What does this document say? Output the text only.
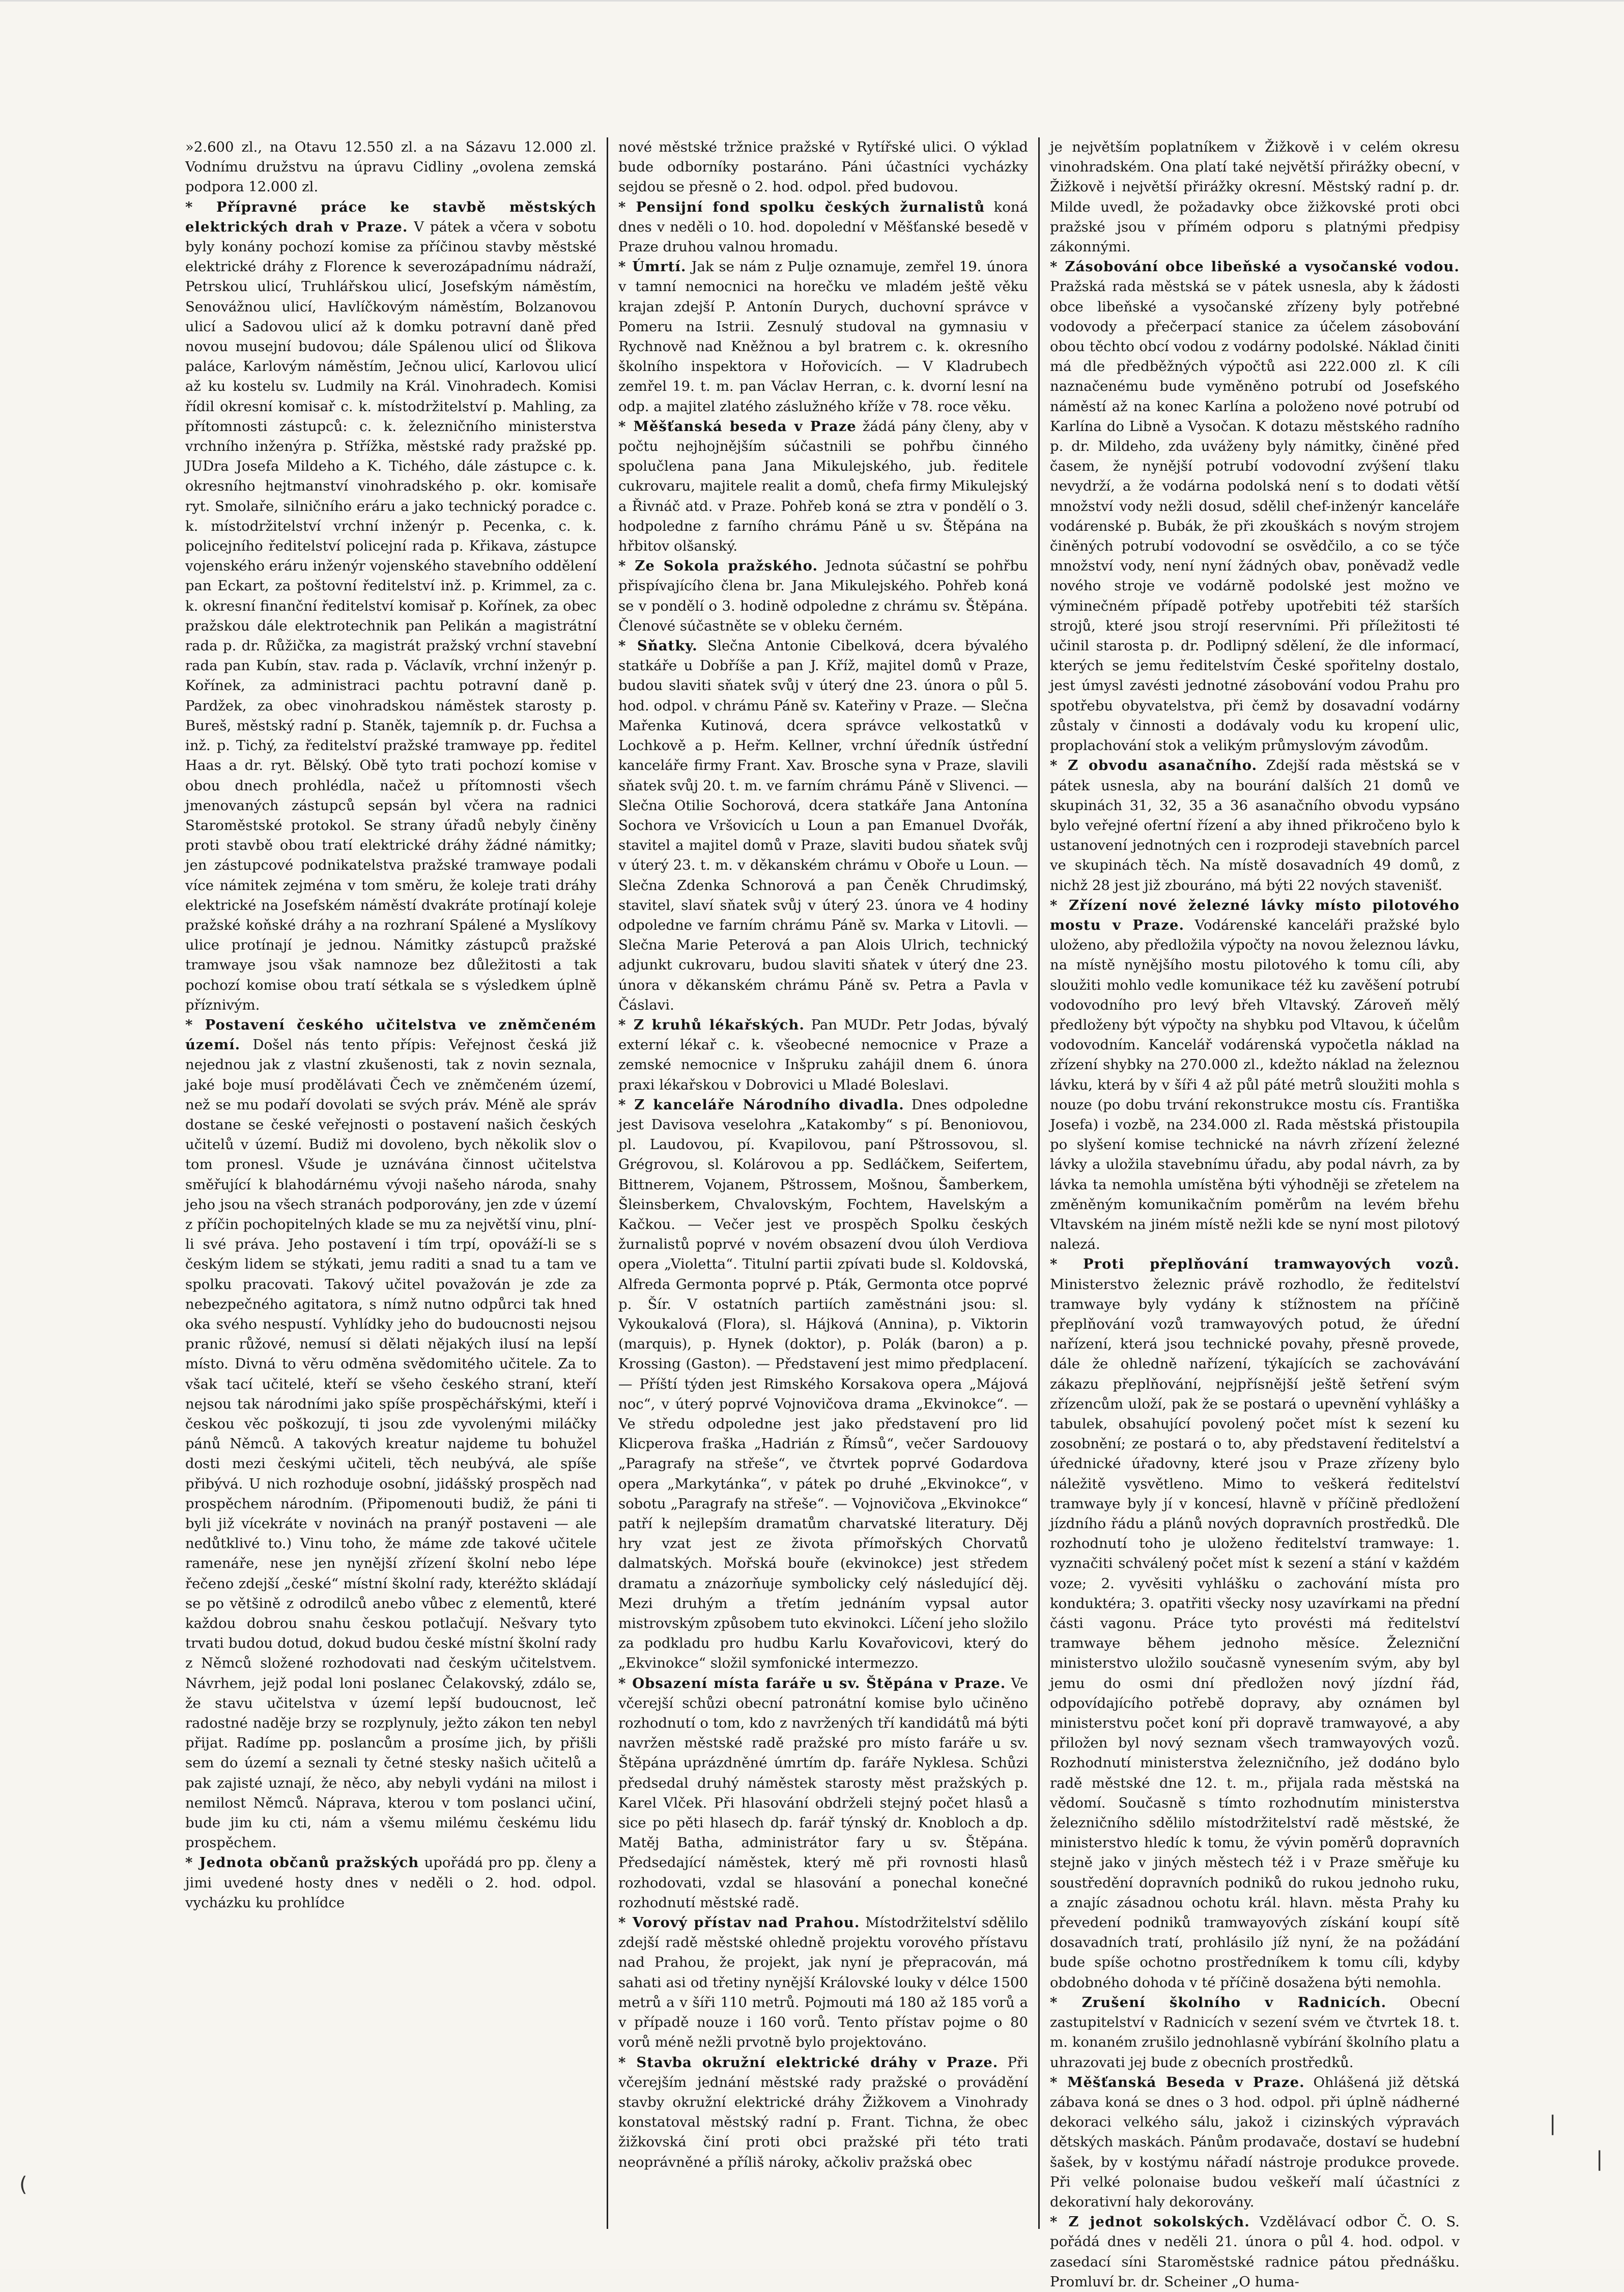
»2.600 zl., na Otavu 12.550 zl. a na Sázavu 12.000 zl. Vodnímu družstvu na úpravu Cidliny „ovolena zemská podpora 12.000 zl.

* Přípravné práce ke stavbě městských elektrických drah v Praze. V pátek a včera v sobotu byly konány pochozí komise za příčinou stavby městské elektrické dráhy z Florence k severozápadnímu nádraží, Petrskou ulicí, Truhlářskou ulicí, Josefským náměstím, Senovážnou ulicí, Havlíčkovým náměstím, Bolzanovou ulicí a Sadovou ulicí až k domku potravní daně před novou musejní budovou; dále Spálenou ulicí od Šlikova paláce, Karlovým náměstím, Ječnou ulicí, Karlovou ulicí až ku kostelu sv. Ludmily na Král. Vinohradech. Komisi řídil okresní komisař c. k. místodržitelství p. Mahling, za přítomnosti zástupců: c. k. železničního ministerstva vrchního inženýra p. Střížka, městské rady pražské pp. JUDra Josefa Mildeho a K. Tichého, dále zástupce c. k. okresního hejtmanství vinohradského p. okr. komisaře ryt. Smolaře, silničního eráru a jako technický poradce c. k. místodržitelství vrchní inženýr p. Pecenka, c. k. policejního ředitelství policejní rada p. Křikava, zástupce vojenského eráru inženýr vojenského stavebního oddělení pan Eckart, za poštovní ředitelství inž. p. Krimmel, za c. k. okresní finanční ředitelství komisař p. Kořínek, za obec pražskou dále elektrotechnik pan Pelikán a magistrátní rada p. dr. Růžička, za magistrát pražský vrchní stavební rada pan Kubín, stav. rada p. Václavík, vrchní inženýr p. Kořínek, za administraci pachtu potravní daně p. Pardžek, za obec vinohradskou náměstek starosty p. Bureš, městský radní p. Staněk, tajemník p. dr. Fuchsa a inž. p. Tichý, za ředitelství pražské tramwaye pp. ředitel Haas a dr. ryt. Bělský. Obě tyto trati pochozí komise v obou dnech prohlédla, načež u přítomnosti všech jmenovaných zástupců sepsán byl včera na radnici Staroměstské protokol. Se strany úřadů nebyly činěny proti stavbě obou tratí elektrické dráhy žádné námitky; jen zástupcové podnikatelstva pražské tramwaye podali více námitek zejména v tom směru, že koleje trati dráhy elektrické na Josefském náměstí dvakráte protínají koleje pražské koňské dráhy a na rozhraní Spálené a Myslíkovy ulice protínají je jednou. Námitky zástupců pražské tramwaye jsou však namnoze bez důležitosti a tak pochozí komise obou tratí sétkala se s výsledkem úplně příznivým.

* Postavení českého učitelstva ve zněmčeném území. Došel nás tento přípis: Veřejnost česká již nejednou jak z vlastní zkušenosti, tak z novin seznala, jaké boje musí prodělávati Čech ve zněmčeném území, než se mu podaří dovolati se svých práv. Méně ale správ dostane se české veřejnosti o postavení našich českých učitelů v území. Budiž mi dovoleno, bych několik slov o tom pronesl. Všude je uznávána činnost učitelstva směřující k blahodárnému vývoji našeho národa, snahy jeho jsou na všech stranách podporovány, jen zde v území z příčin pochopitelných klade se mu za největší vinu, plní-li své práva. Jeho postavení i tím trpí, opováží-li se s českým lidem se stýkati, jemu raditi a snad tu a tam ve spolku pracovati. Takový učitel považován je zde za nebezpečného agitatora, s nímž nutno odpůrci tak hned oka svého nespustí. Vyhlídky jeho do budoucnosti nejsou pranic růžové, nemusí si dělati nějakých ilusí na lepší místo. Divná to věru odměna svědomitého učitele. Za to však tací učitelé, kteří se všeho českého straní, kteří nejsou tak národními jako spíše prospěchářskými, kteří i českou věc poškozují, ti jsou zde vyvolenými miláčky pánů Němců. A takových kreatur najdeme tu bohužel dosti mezi českými učiteli, těch neubývá, ale spíše přibývá. U nich rozhoduje osobní, jidášský prospěch nad prospěchem národním. (Připomenouti budiž, že páni ti byli již vícekráte v novinách na pranýř postaveni — ale nedůtklivé to.) Vinu toho, že máme zde takové učitele ramenáře, nese jen nynější zřízení školní nebo lépe řečeno zdejší „české“ místní školní rady, kteréžto skládají se po většině z odrodilců anebo vůbec z elementů, které každou dobrou snahu českou potlačují. Nešvary tyto trvati budou dotud, dokud budou české místní školní rady z Němců složené rozhodovati nad českým učitelstvem. Návrhem, jejž podal loni poslanec Čelakovský, zdálo se, že stavu učitelstva v území lepší budoucnost, leč radostné naděje brzy se rozplynuly, ježto zákon ten nebyl přijat. Radíme pp. poslancům a prosíme jich, by přišli sem do území a seznali ty četné stesky našich učitelů a pak zajisté uznají, že něco, aby nebyli vydáni na milost i nemilost Němců. Náprava, kterou v tom poslanci učiní, bude jim ku cti, nám a všemu milému českému lidu prospěchem.

* Jednota občanů pražských upořádá pro pp. členy a jimi uvedené hosty dnes v neděli o 2. hod. odpol. vycházku ku prohlídce

nové městské tržnice pražské v Rytířské ulici. O výklad bude odborníky postaráno. Páni účastníci vycházky sejdou se přesně o 2. hod. odpol. před budovou.

* Pensijní fond spolku českých žurnalistů koná dnes v neděli o 10. hod. dopolední v Měšťanské besedě v Praze druhou valnou hromadu.

* Úmrtí. Jak se nám z Pulje oznamuje, zemřel 19. února v tamní nemocnici na horečku ve mladém ještě věku krajan zdejší P. Antonín Durych, duchovní správce v Pomeru na Istrii. Zesnulý studoval na gymnasiu v Rychnově nad Kněžnou a byl bratrem c. k. okresního školního inspektora v Hořovicích. — V Kladrubech zemřel 19. t. m. pan Václav Herran, c. k. dvorní lesní na odp. a majitel zlatého záslužného kříže v 78. roce věku.

* Měšťanská beseda v Praze žádá pány členy, aby v počtu nejhojnějším súčastnili se pohřbu činného spolučlena pana Jana Mikulejského, jub. ředitele cukrovaru, majitele realit a domů, chefa firmy Mikulejský a Řivnáč atd. v Praze. Pohřeb koná se ztra v pondělí o 3. hodpoledne z farního chrámu Páně u sv. Štěpána na hřbitov olšanský.

* Ze Sokola pražského. Jednota súčastní se pohřbu přispívajícího člena br. Jana Mikulejského. Pohřeb koná se v pondělí o 3. hodině odpoledne z chrámu sv. Štěpána. Členové súčastněte se v obleku černém.

* Sňatky. Slečna Antonie Cibelková, dcera bývalého statkáře u Dobříše a pan J. Kříž, majitel domů v Praze, budou slaviti sňatek svůj v úterý dne 23. února o půl 5. hod. odpol. v chrámu Páně sv. Kateřiny v Praze. — Slečna Mařenka Kutinová, dcera správce velkostatků v Lochkově a p. Heřm. Kellner, vrchní úředník ústřední kanceláře firmy Frant. Xav. Brosche syna v Praze, slavili sňatek svůj 20. t. m. ve farním chrámu Páně v Slivenci. — Slečna Otilie Sochorová, dcera statkáře Jana Antonína Sochora ve Vršovicích u Loun a pan Emanuel Dvořák, stavitel a majitel domů v Praze, slaviti budou sňatek svůj v úterý 23. t. m. v děkanském chrámu v Oboře u Loun. — Slečna Zdenka Schnorová a pan Čeněk Chrudimský, stavitel, slaví sňatek svůj v úterý 23. února ve 4 hodiny odpoledne ve farním chrámu Páně sv. Marka v Litovli. — Slečna Marie Peterová a pan Alois Ulrich, technický adjunkt cukrovaru, budou slaviti sňatek v úterý dne 23. února v děkanském chrámu Páně sv. Petra a Pavla v Čáslavi.

* Z kruhů lékařských. Pan MUDr. Petr Jodas, bývalý externí lékař c. k. všeobecné nemocnice v Praze a zemské nemocnice v Inšpruku zahájil dnem 6. února praxi lékařskou v Dobrovici u Mladé Boleslavi.

* Z kanceláře Národního divadla. Dnes odpoledne jest Davisova veselohra „Katakomby“ s pí. Benoniovou, pl. Laudovou, pí. Kvapilovou, paní Pštrossovou, sl. Grégrovou, sl. Kolárovou a pp. Sedláčkem, Seifertem, Bittnerem, Vojanem, Pštrossem, Mošnou, Šamberkem, Šleinsberkem, Chvalovským, Fochtem, Havelským a Kačkou. — Večer jest ve prospěch Spolku českých žurnalistů poprvé v novém obsazení dvou úloh Verdiova opera „Violetta“. Titulní partii zpívati bude sl. Koldovská, Alfreda Germonta poprvé p. Pták, Germonta otce poprvé p. Šír. V ostatních partiích zaměstnáni jsou: sl. Vykoukalová (Flora), sl. Hájková (Annina), p. Viktorin (marquis), p. Hynek (doktor), p. Polák (baron) a p. Krossing (Gaston). — Představení jest mimo předplacení. — Příští týden jest Rimského Korsakova opera „Májová noc“, v úterý poprvé Vojnovičova drama „Ekvinokce“. — Ve středu odpoledne jest jako představení pro lid Klicperova fraška „Hadrián z Římsů“, večer Sardouovy „Paragrafy na střeše“, ve čtvrtek poprvé Godardova opera „Markytánka“, v pátek po druhé „Ekvinokce“, v sobotu „Paragrafy na střeše“. — Vojnovičova „Ekvinokce“ patří k nejlepším dramatům charvatské literatury. Děj hry vzat jest ze života přímořských Chorvatů dalmatských. Mořská bouře (ekvinokce) jest středem dramatu a znázorňuje symbolicky celý následující děj. Mezi druhým a třetím jednáním vypsal autor mistrovským způsobem tuto ekvinokci. Líčení jeho složilo za podkladu pro hudbu Karlu Kovařovicovi, který do „Ekvinokce“ složil symfonické intermezzo.

* Obsazení místa faráře u sv. Štěpána v Praze. Ve včerejší schůzi obecní patronátní komise bylo učiněno rozhodnutí o tom, kdo z navržených tří kandidátů má býti navržen městské radě pražské pro místo faráře u sv. Štěpána uprázdněné úmrtím dp. faráře Nyklesa. Schůzi předsedal druhý náměstek starosty měst pražských p. Karel Vlček. Při hlasování obdrželi stejný počet hlasů a sice po pěti hlasech dp. farář týnský dr. Knobloch a dp. Matěj Batha, administrátor fary u sv. Štěpána. Předsedající náměstek, který mě při rovnosti hlasů rozhodovati, vzdal se hlasování a ponechal konečné rozhodnutí městské radě.

* Vorový přístav nad Prahou. Místodržitelství sdělilo zdejší radě městské ohledně projektu vorového přístavu nad Prahou, že projekt, jak nyní je přepracován, má sahati asi od třetiny nynější Královské louky v délce 1500 metrů a v šíři 110 metrů. Pojmouti má 180 až 185 vorů a v případě nouze i 160 vorů. Tento přístav pojme o 80 vorů méně nežli prvotně bylo projektováno.

* Stavba okružní elektrické dráhy v Praze. Při včerejším jednání městské rady pražské o provádění stavby okružní elektrické dráhy Žižkovem a Vinohrady konstatoval městský radní p. Frant. Tichna, že obec žižkovská činí proti obci pražské při této trati neoprávněné a příliš nároky, ačkoliv pražská obec

je největším poplatníkem v Žižkově i v celém okresu vinohradském. Ona platí také největší přirážky obecní, v Žižkově i největší přirážky okresní. Městský radní p. dr. Milde uvedl, že požadavky obce žižkovské proti obci pražské jsou v přímém odporu s platnými předpisy zákonnými.

* Zásobování obce libeňské a vysočanské vodou. Pražská rada městská se v pátek usnesla, aby k žádosti obce libeňské a vysočanské zřízeny byly potřebné vodovody a přečerpací stanice za účelem zásobování obou těchto obcí vodou z vodárny podolské. Náklad činiti má dle předběžných výpočtů asi 222.000 zl. K cíli naznačenému bude vyměněno potrubí od Josefského náměstí až na konec Karlína a položeno nové potrubí od Karlína do Libně a Vysočan. K dotazu městského radního p. dr. Mildeho, zda uváženy byly námitky, činěné před časem, že nynější potrubí vodovodní zvýšení tlaku nevydrží, a že vodárna podolská není s to dodati větší množství vody nežli dosud, sdělil chef-inženýr kanceláře vodárenské p. Bubák, že při zkouškách s novým strojem činěných potrubí vodovodní se osvědčilo, a co se týče množství vody, není nyní žádných obav, poněvadž vedle nového stroje ve vodárně podolské jest možno ve výminečném případě potřeby upotřebiti též starších strojů, které jsou strojí reservními. Při příležitosti té učinil starosta p. dr. Podlipný sdělení, že dle informací, kterých se jemu ředitelstvím České spořitelny dostalo, jest úmysl zavésti jednotné zásobování vodou Prahu pro spotřebu obyvatelstva, při čemž by dosavadní vodárny zůstaly v činnosti a dodávaly vodu ku kropení ulic, proplachování stok a velikým průmyslovým závodům.

* Z obvodu asanačního. Zdejší rada městská se v pátek usnesla, aby na bourání dalších 21 domů ve skupinách 31, 32, 35 a 36 asanačního obvodu vypsáno bylo veřejné ofertní řízení a aby ihned přikročeno bylo k ustanovení jednotných cen i rozprodeji stavebních parcel ve skupinách těch. Na místě dosavadních 49 domů, z nichž 28 jest již zbouráno, má býti 22 nových stavenišť.

* Zřízení nové železné lávky místo pilotového mostu v Praze. Vodárenské kanceláři pražské bylo uloženo, aby předložila výpočty na novou železnou lávku, na místě nynějšího mostu pilotového k tomu cíli, aby sloužiti mohlo vedle komunikace též ku zavěšení potrubí vodovodního pro levý břeh Vltavský. Zároveň mělý předloženy být výpočty na shybku pod Vltavou, k účelům vodovodním. Kancelář vodárenská vypočetla náklad na zřízení shybky na 270.000 zl., kdežto náklad na železnou lávku, která by v šíři 4 až půl páté metrů sloužiti mohla s nouze (po dobu trvání rekonstrukce mostu cís. Františka Josefa) i vozbě, na 234.000 zl. Rada městská přistoupila po slyšení komise technické na návrh zřízení železné lávky a uložila stavebnímu úřadu, aby podal návrh, za by lávka ta nemohla umístěna býti výhodněji se zřetelem na změněným komunikačním poměrům na levém břehu Vltavském na jiném místě nežli kde se nyní most pilotový nalezá.

* Proti přeplňování tramwayových vozů. Ministerstvo železnic právě rozhodlo, že ředitelství tramwaye byly vydány k stížnostem na příčině přeplňování vozů tramwayových potud, že úřední nařízení, která jsou technické povahy, přesně provede, dále že ohledně nařízení, týkajících se zachovávání zákazu přeplňování, nejpřísnější ještě šetření svým zřízencům uloží, pak že se postará o upevnění vyhlášky a tabulek, obsahující povolený počet míst k sezení ku zosobnění; ze postará o to, aby představení ředitelství a úřednické úřadovny, které jsou v Praze zřízeny bylo náležitě vysvětleno. Mimo to veškerá ředitelství tramwaye byly jí v koncesí, hlavně v příčině předložení jízdního řádu a plánů nových dopravních prostředků. Dle rozhodnutí toho je uloženo ředitelství tramwaye: 1. vyznačiti schválený počet míst k sezení a stání v každém voze; 2. vyvěsiti vyhlášku o zachování místa pro konduktéra; 3. opatřiti všecky nosy uzavírkami na přední části vagonu. Práce tyto provésti má ředitelství tramwaye během jednoho měsíce. Železniční ministerstvo uložilo současně vynesením svým, aby byl jemu do osmi dní předložen nový jízdní řád, odpovídajícího potřebě dopravy, aby oznámen byl ministerstvu počet koní při dopravě tramwayové, a aby přiložen byl nový seznam všech tramwayových vozů. Rozhodnutí ministerstva železničního, jež dodáno bylo radě městské dne 12. t. m., přijala rada městská na vědomí. Současně s tímto rozhodnutím ministerstva železničního sdělilo místodržitelství radě městské, že ministerstvo hledíc k tomu, že vývin poměrů dopravních stejně jako v jiných městech též i v Praze směřuje ku soustředění dopravních podniků do rukou jednoho ruku, a znajíc zásadnou ochotu král. hlavn. města Prahy ku převedení podniků tramwayových získání koupí sítě dosavadních tratí, prohlásilo jíž nyní, že na požádání bude spíše ochotno prostředníkem k tomu cíli, kdyby obdobného dohoda v té příčině dosažena býti nemohla.

* Zrušení školního v Radnicích. Obecní zastupitelství v Radnicích v sezení svém ve čtvrtek 18. t. m. konaném zrušilo jednohlasně vybírání školního platu a uhrazovati jej bude z obecních prostředků.

* Měšťanská Beseda v Praze. Ohlášená již dětská zábava koná se dnes o 3 hod. odpol. při úplně nádherné dekoraci velkého sálu, jakož i cizinských výpravách dětských maskách. Pánům prodavače, dostaví se hudební šašek, by v kostýmu nářadí nástroje produkce provede. Při velké polonaise budou veškeří malí účastníci z dekorativní haly dekorovány.

* Z jednot sokolských. Vzdělávací odbor Č. O. S. pořádá dnes v neděli 21. února o půl 4. hod. odpol. v zasedací síni Staroměstské radnice pátou přednášku. Promluví br. dr. Scheiner „O huma-

(
|
|
